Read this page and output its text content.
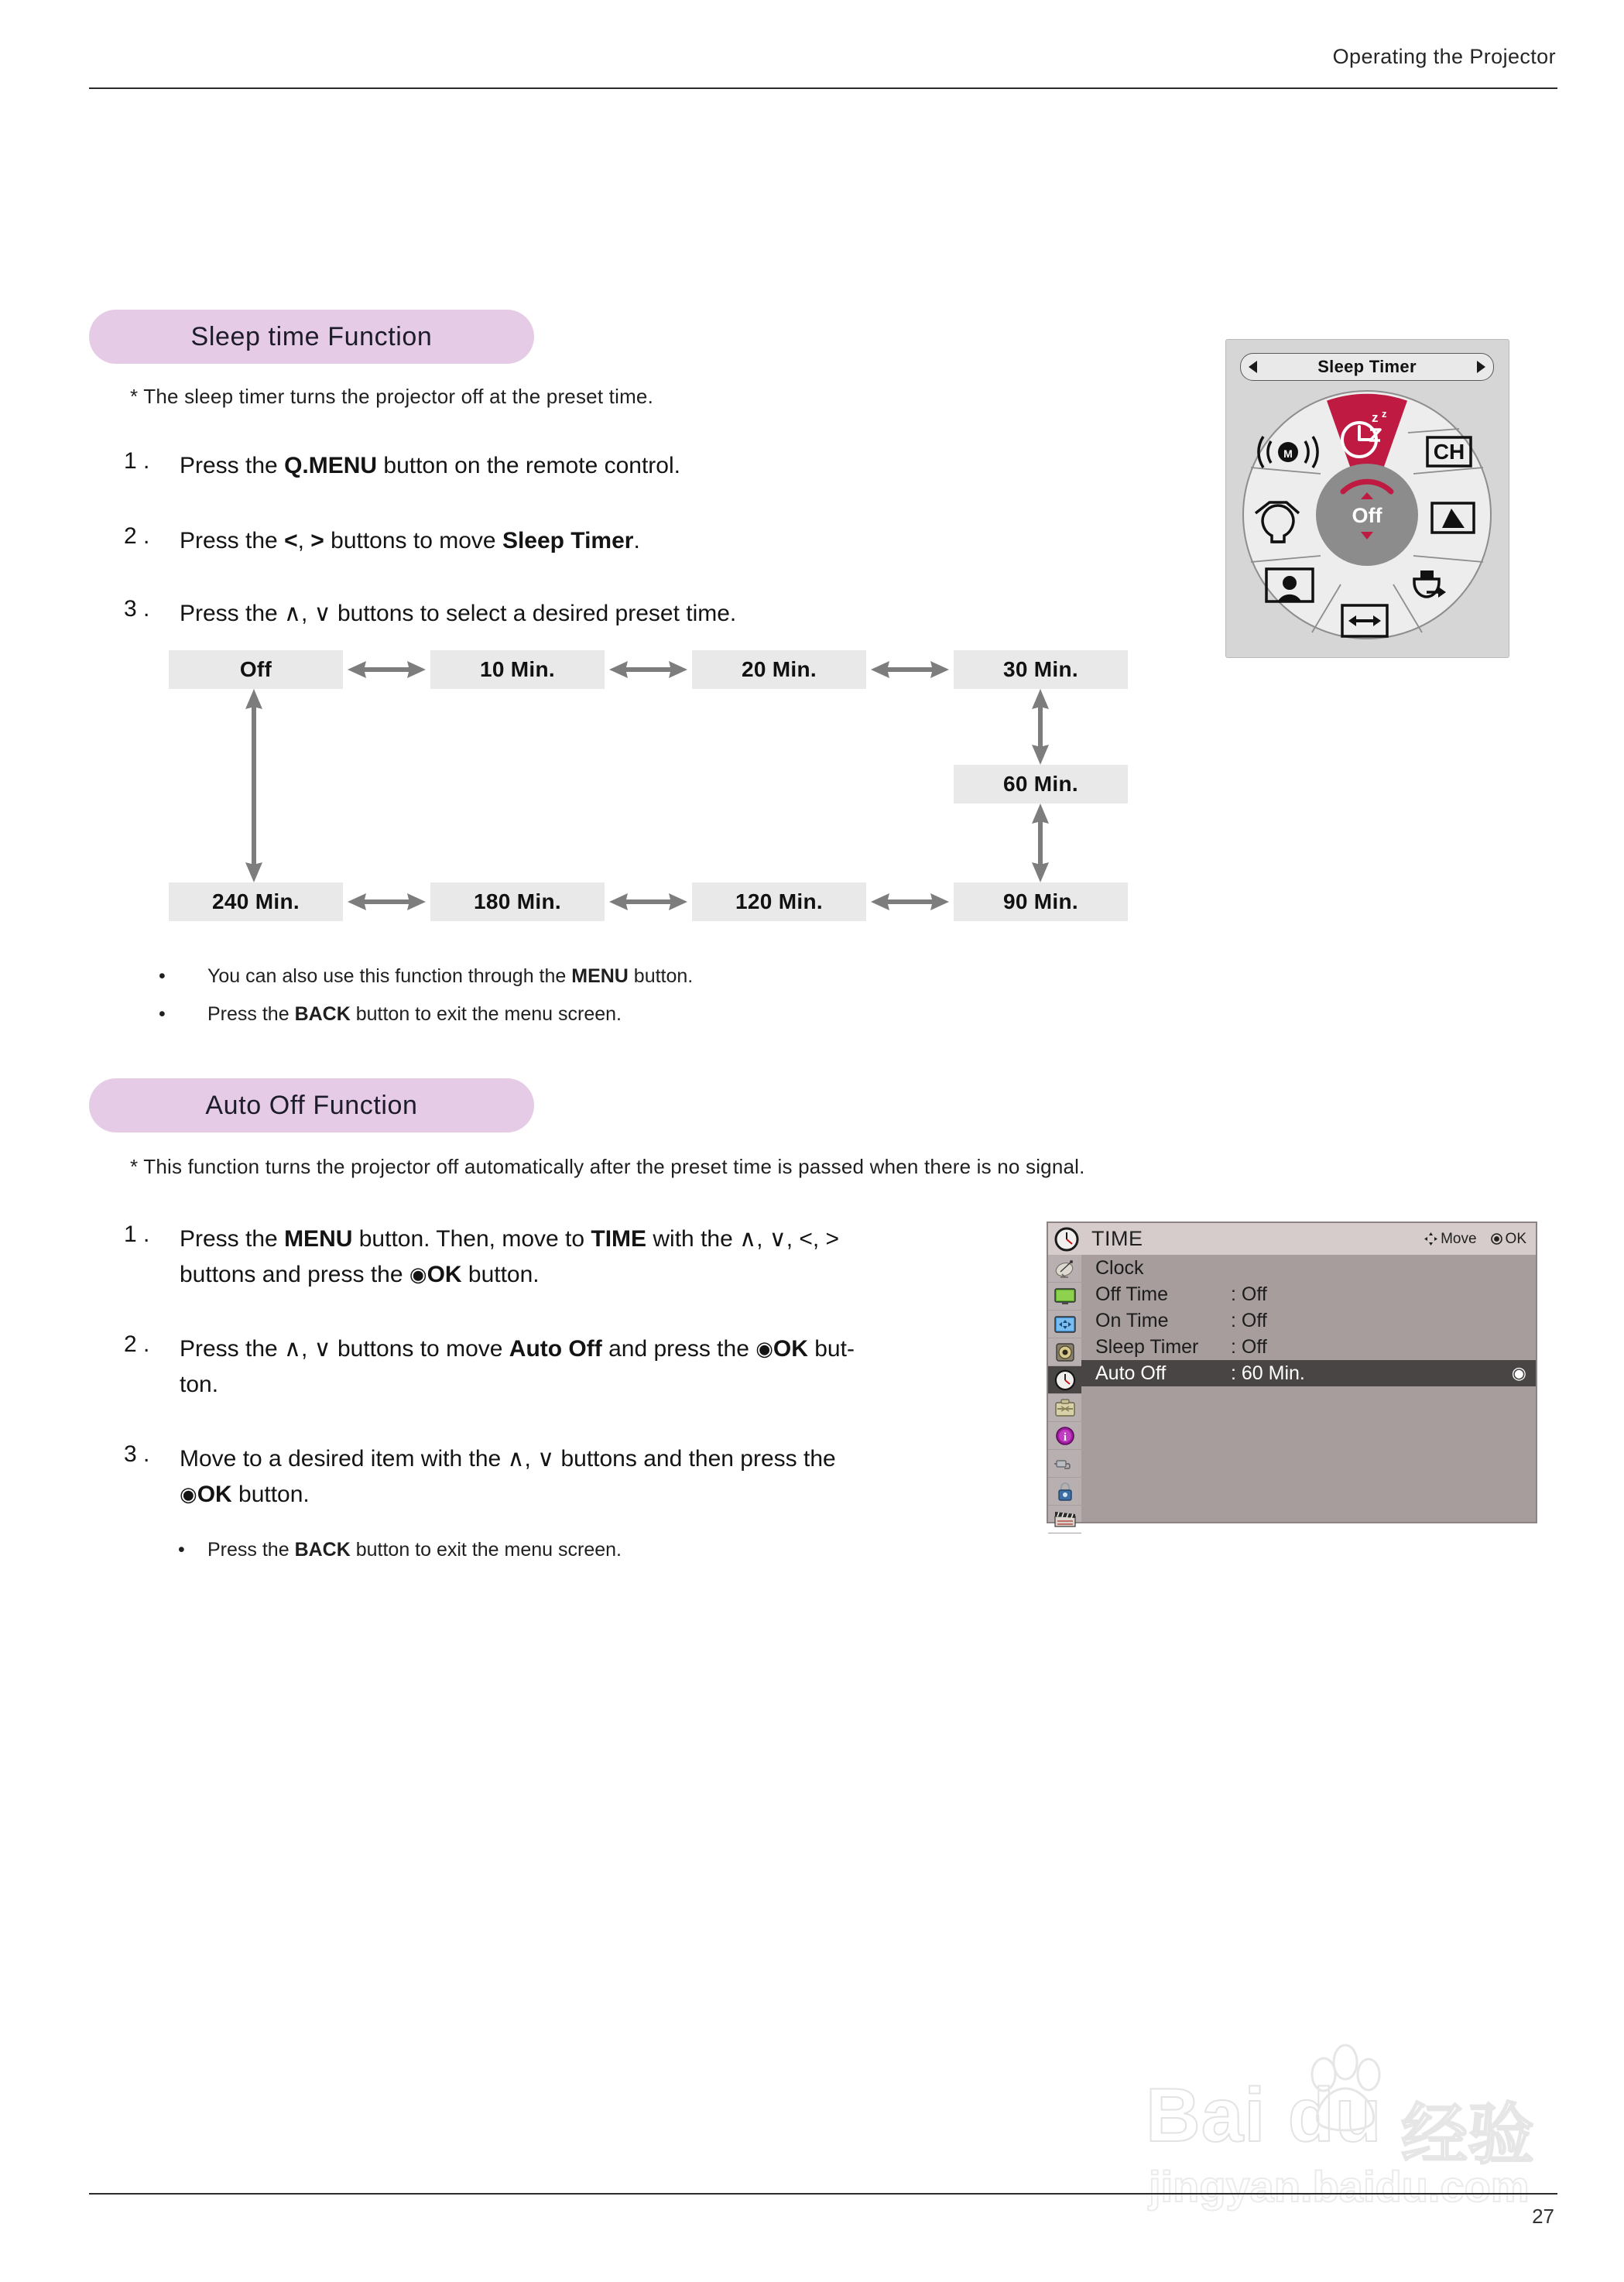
Operating the Projector
Sleep time Function
* The sleep timer turns the projector off at the preset time.
1 . Press the Q.MENU button on the remote control.
2 . Press the <, > buttons to move Sleep Timer.
3 . Press the ∧, ∨ buttons to select a desired preset time.
Off	10 Min.	20 Min.	30 Min.
60 Min.
240 Min.	180 Min.	120 Min.	90 Min.
• You can also use this function through the MENU button.
• Press the BACK button to exit the menu screen.
Sleep Timer
z z
CH
M
Off
Auto Off Function
* This function turns the projector off automatically after the preset time is passed when there is no signal.
1 . Press the MENU button. Then, move to TIME with the ∧, ∨, <, >
buttons and press the ◉OK button.
2 . Press the ∧, ∨ buttons to move Auto Off and press the ◉OK but-
ton.
3 . Move to a desired item with the ∧, ∨ buttons and then press the
◉OK button.
• Press the BACK button to exit the menu screen.
TIME	Move OK
i
Clock
Off Time	: Off
On Time	: Off
Sleep Timer	: Off
Auto Off	: 60 Min.	◉
Bai du 经验
jingyan.baidu.com
27
